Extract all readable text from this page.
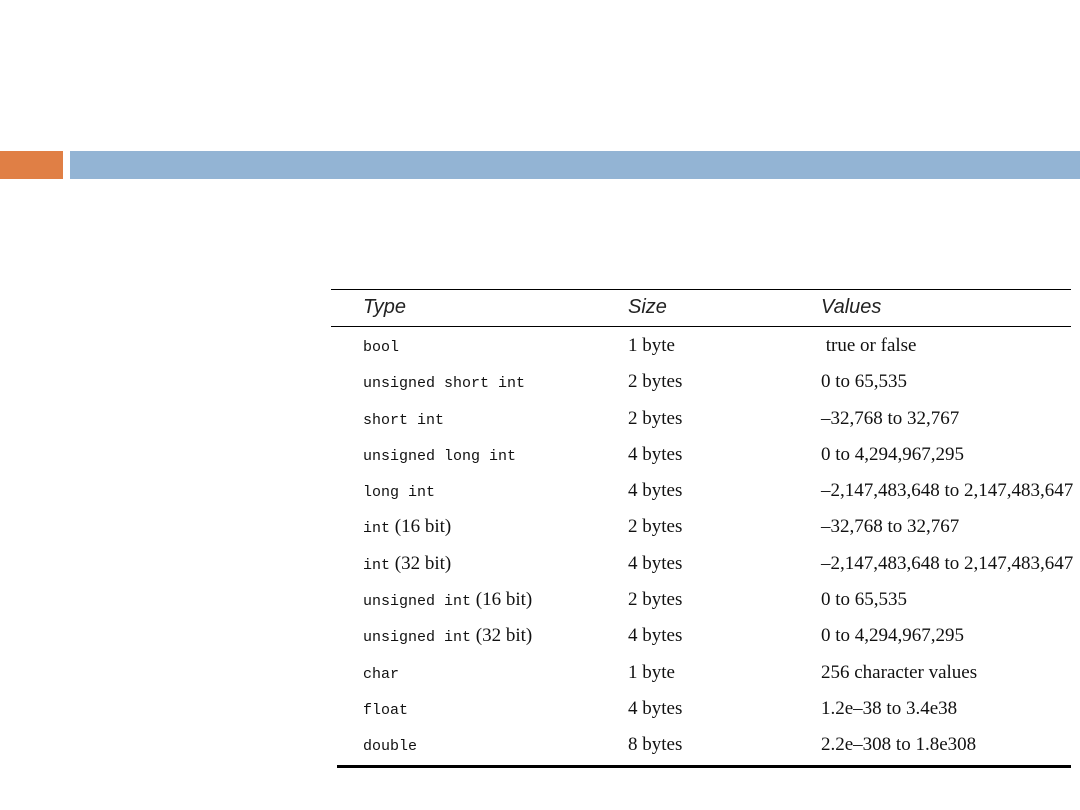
Type	Size	Values
bool	1 byte	true or false
unsigned short int	2 bytes	0 to 65,535
short int	2 bytes	–32,768 to 32,767
unsigned long int	4 bytes	0 to 4,294,967,295
long int	4 bytes	–2,147,483,648 to 2,147,483,647
int (16 bit)	2 bytes	–32,768 to 32,767
int (32 bit)	4 bytes	–2,147,483,648 to 2,147,483,647
unsigned int (16 bit)	2 bytes	0 to 65,535
unsigned int (32 bit)	4 bytes	0 to 4,294,967,295
char	1 byte	256 character values
float	4 bytes	1.2e–38 to 3.4e38
double	8 bytes	2.2e–308 to 1.8e308
